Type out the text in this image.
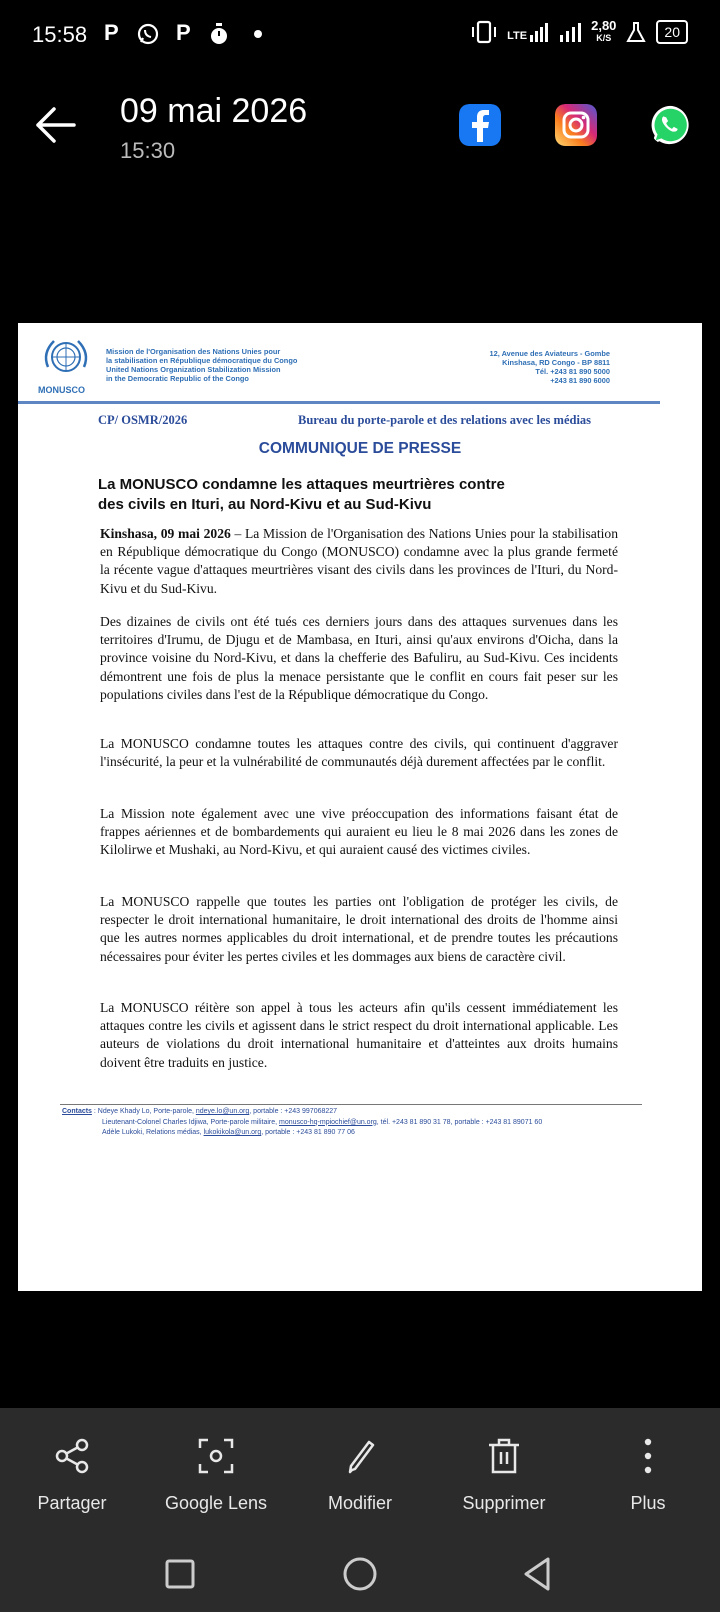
15:58 P	P	LTE
2,80
K/S	20
09 mai 2026
15:30
MONUSCO
Mission de l'Organisation des Nations Unies pour
la stabilisation en République démocratique du Congo
United Nations Organization Stabilization Mission
in the Democratic Republic of the Congo
12, Avenue des Aviateurs - Gombe
Kinshasa, RD Congo - BP 8811
Tél. +243 81 890 5000
+243 81 890 6000
CP/ OSMR/2026	Bureau du porte-parole et des relations avec les médias
COMMUNIQUE DE PRESSE
La MONUSCO condamne les attaques meurtrières contre
des civils en Ituri, au Nord-Kivu et au Sud-Kivu

Kinshasa, 09 mai 2026 – La Mission de l'Organisation des Nations Unies pour la stabilisation en République démocratique du Congo (MONUSCO) condamne avec la plus grande fermeté la récente vague d'attaques meurtrières visant des civils dans les provinces de l'Ituri, du Nord-Kivu et du Sud-Kivu.

Des dizaines de civils ont été tués ces derniers jours dans des attaques survenues dans les territoires d'Irumu, de Djugu et de Mambasa, en Ituri, ainsi qu'aux environs d'Oicha, dans la province voisine du Nord-Kivu, et dans la chefferie des Bafuliru, au Sud-Kivu. Ces incidents démontrent une fois de plus la menace persistante que le conflit en cours fait peser sur les populations civiles dans l'est de la République démocratique du Congo.

La MONUSCO condamne toutes les attaques contre des civils, qui continuent d'aggraver l'insécurité, la peur et la vulnérabilité de communautés déjà durement affectées par le conflit.

La Mission note également avec une vive préoccupation des informations faisant état de frappes aériennes et de bombardements qui auraient eu lieu le 8 mai 2026 dans les zones de Kilolirwe et Mushaki, au Nord-Kivu, et qui auraient causé des victimes civiles.

La MONUSCO rappelle que toutes les parties ont l'obligation de protéger les civils, de respecter le droit international humanitaire, le droit international des droits de l'homme ainsi que les autres normes applicables du droit international, et de prendre toutes les précautions nécessaires pour éviter les pertes civiles et les dommages aux biens de caractère civil.

La MONUSCO réitère son appel à tous les acteurs afin qu'ils cessent immédiatement les attaques contre les civils et agissent dans le strict respect du droit international applicable. Les auteurs de violations du droit international humanitaire et d'atteintes aux droits humains doivent être traduits en justice.

Contacts : Ndeye Khady Lo, Porte-parole, ndeye.lo@un.org, portable : +243 997068227
Lieutenant-Colonel Charles Idjiwa, Porte-parole militaire, monusco-hq-mpiochief@un.org, tél. +243 81 890 31 78, portable : +243 81 89071 60
Adèle Lukoki, Relations médias, lukokikola@un.org, portable : +243 81 890 77 06
Partager	Google Lens	Modifier	Supprimer	Plus
